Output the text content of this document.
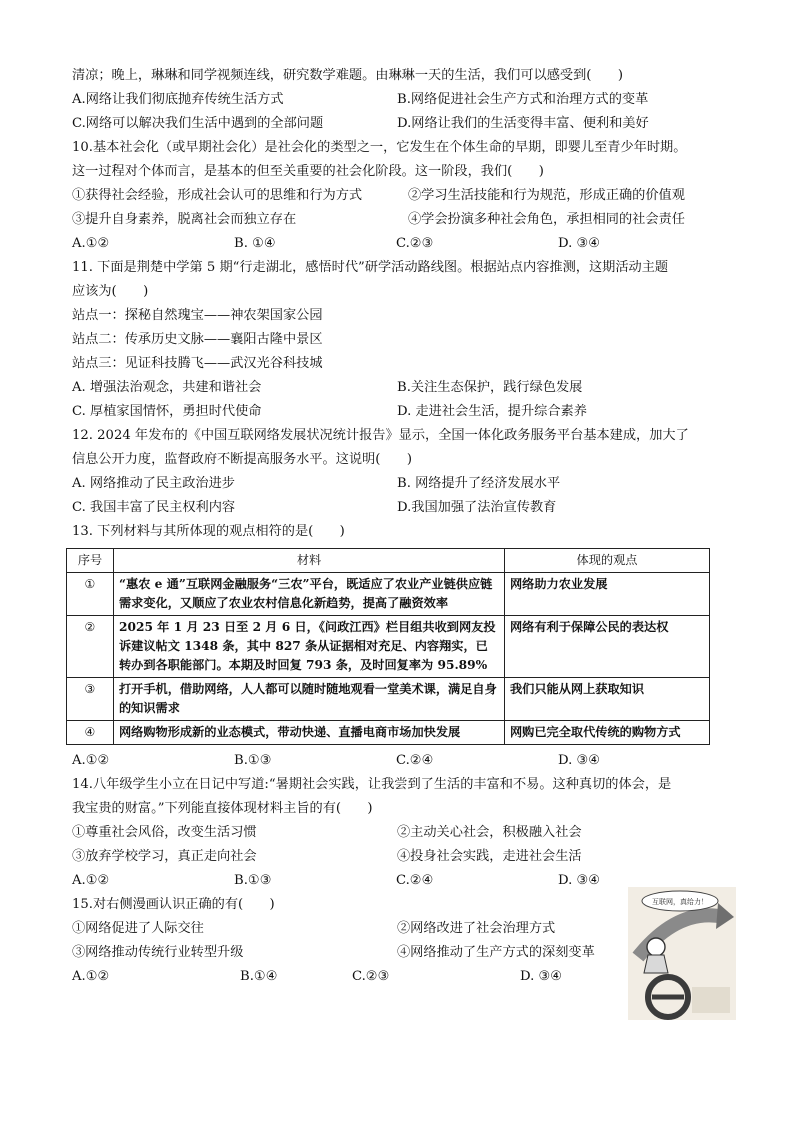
清凉；晚上，琳琳和同学视频连线，研究数学难题。由琳琳一天的生活，我们可以感受到(　　)
A.网络让我们彻底抛弃传统生活方式	B.网络促进社会生产方式和治理方式的变革
C.网络可以解决我们生活中遇到的全部问题	D.网络让我们的生活变得丰富、便利和美好
10.基本社会化（或早期社会化）是社会化的类型之一，它发生在个体生命的早期，即婴儿至青少年时期。
这一过程对个体而言，是基本的但至关重要的社会化阶段。这一阶段，我们(　　)
①获得社会经验，形成社会认可的思维和行为方式	②学习生活技能和行为规范，形成正确的价值观
③提升自身素养，脱离社会而独立存在	④学会扮演多种社会角色，承担相同的社会责任
A.①②	B. ①④	C.②③	D. ③④
11. 下面是荆楚中学第 5 期“行走湖北，感悟时代”研学活动路线图。根据站点内容推测，这期活动主题
应该为(　　)
站点一：探秘自然瑰宝——神农架国家公园
站点二：传承历史文脉——襄阳古隆中景区
站点三：见证科技腾飞——武汉光谷科技城
A. 增强法治观念，共建和谐社会	B.关注生态保护，践行绿色发展
C. 厚植家国情怀，勇担时代使命	D. 走进社会生活，提升综合素养
12. 2024 年发布的《中国互联网络发展状况统计报告》显示，全国一体化政务服务平台基本建成，加大了
信息公开力度，监督政府不断提高服务水平。这说明(　　)
A. 网络推动了民主政治进步	B. 网络提升了经济发展水平
C. 我国丰富了民主权利内容	D.我国加强了法治宣传教育
13. 下列材料与其所体现的观点相符的是(　　)
序号	材料	体现的观点
①	“惠农 e 通”互联网金融服务“三农”平台，既适应了农业产业链供应链需求变化，又顺应了农业农村信息化新趋势，提高了融资效率	网络助力农业发展
②	2025 年 1 月 23 日至 2 月 6 日，《问政江西》栏目组共收到网友投诉建议帖文 1348 条，其中 827 条从证据相对充足、内容翔实，已转办到各职能部门。本期及时回复 793 条，及时回复率为 95.89%	网络有利于保障公民的表达权
③	打开手机，借助网络，人人都可以随时随地观看一堂美术课，满足自身的知识需求	我们只能从网上获取知识
④	网络购物形成新的业态模式，带动快递、直播电商市场加快发展	网购已完全取代传统的购物方式
A.①②	B.①③	C.②④	D. ③④
14.八年级学生小立在日记中写道:“暑期社会实践，让我尝到了生活的丰富和不易。这种真切的体会，是
我宝贵的财富。”下列能直接体现材料主旨的有(　　)
①尊重社会风俗，改变生活习惯	②主动关心社会，积极融入社会
③放弃学校学习，真正走向社会	④投身社会实践，走进社会生活
A.①②	B.①③	C.②④	D. ③④
15.对右侧漫画认识正确的有(　　)
①网络促进了人际交往	②网络改进了社会治理方式
③网络推动传统行业转型升级	④网络推动了生产方式的深刻变革
A.①②	B.①④	C.②③	D. ③④
互联网，真给力！
